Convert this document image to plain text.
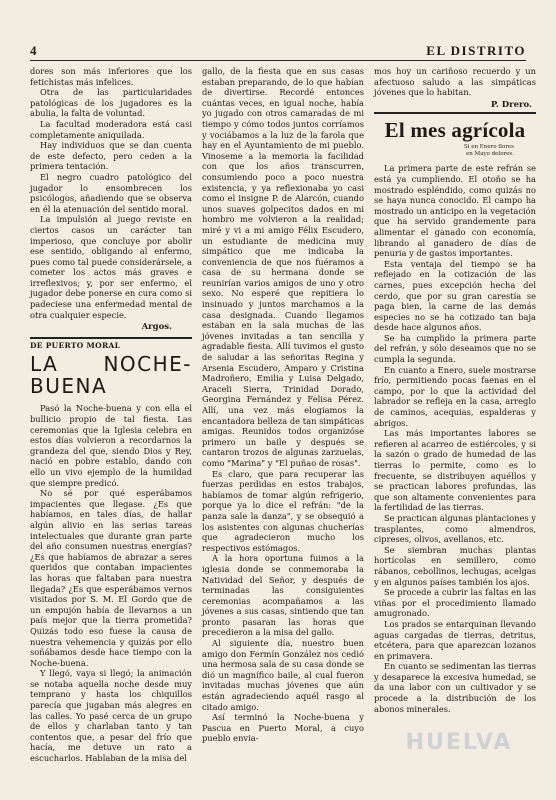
4	EL DISTRITO

dores son más inferiores que los fetichistas más infelices.

Otra de las particularidades patológicas de los jugadores es la abulia, la falta de voluntad.

La facultad moderadora está casi completamente aniquilada.

Hay individuos que se dan cuenta de este defecto, pero ceden a la primera tentación.

El negro cuadro patológico del jugador lo ensombrecen los psicólogos, añadiendo que se observa en él la atenuación del sentido moral.

La impulsión al juego reviste en ciertos casos un carácter tan imperioso, que concluye por abolir ese sentido, obligando al enfermo, pues como tal puede considerársele, a cometer los actos más graves e irreflexivos; y, por ser enfermo, el jugador debe ponerse en cura como si padeciese una enfermedad mental de otra cualquier especie.

Argos.
DE PUERTO MORAL
LA NOCHE-BUENA

Pasó la Noche-buena y con ella el bullicio propio de tal fiesta. Las ceremonias que la Iglesia celebra en estos días volvieron a recordarnos la grandeza del que, siendo Dios y Rey, nació en pobre establo, dando con ello un vivo ejemplo de la humildad que siempre predicó.

No sé por qué esperábamos impacientes que llegase. ¿Es que habíamos, en tales días, de hallar algún alivio en las serias tareas intelectuales que durante gran parte del año consumen nuestras energías? ¿Es que habíamos de abrazar a seres queridos que contaban impacientes las horas que faltaban para nuestra llegada? ¿Es que esperábamos vernos visitados por S. M. El Gordo que de un empujón había de llevarnos a un país mejor que la tierra prometida? Quizás todo eso fuese la causa de nuestra vehemencia y quizás por ello soñábamos desde hace tiempo con la Noche-buena.

Y llegó, vaya si llegó; la animación se notaba aquella noche desde muy temprano y hasta los chiquillos parecía que jugaban más alegres en las calles. Yo pasé cerca de un grupo de ellos y charlaban tanto y tan contentos que, a pesar del frío que hacía, me detuve un rato a escucharlos. Hablaban de la misa del

gallo, de la fiesta que en sus casas estaban preparando, de lo que habían de divertirse. Recordé entonces cuántas veces, en igual noche, había yo jugado con otros camaradas de mi tiempo y cómo todos juntos corríamos y vociábamos a la luz de la farola que hay en el Ayuntamiento de mi pueblo. Vinoseme a la memoria la facilidad con que los años transcurren, consumiendo poco a poco nuestra existencia, y ya reflexionaba yo casi como el insigne P. de Alarcón, cuando unos suaves golpecitos dados en mi hombro me volvieron a la realidad; miré y vi a mi amigo Félix Escudero, un estudiante de medicina muy simpático que me indicaba la conveniencia de que nos fuéramos a casa de su hermana donde se reunirían varios amigos de uno y otro sexo. No esperé que repitiera lo insinuado y juntos marchamos a la casa designada. Cuando llegamos estaban en la sala muchas de las jóvenes invitadas a tan sencilla y agradable fiesta. Allí tuvimos el gusto de saludar a las señoritas Regina y Arsenia Escudero, Amparo y Cristina Madroñero, Emilia y Luisa Delgado, Araceli Sierra, Trinidad Dorado, Georgina Fernández y Felisa Pérez. Allí, una vez más elogiamos la encantadora belleza de tan simpáticas amigas. Reunidos todos organizóse primero un baile y después se cantaron trozos de algunas zarzuelas, como "Marina" y "El puñao de rosas".

Es claro, que para recuperar las fuerzas perdidas en estos trabajos, habíamos de tomar algún refrigerio, porque ya lo dice el refrán: "de la panza sale la danza", y se obsequió a los asistentes con algunas chucherías que agradecieron mucho los respectivos estómagos.

A la hora oportuna fuimos a la iglesia donde se conmemoraba la Natividad del Señor, y después de terminadas las consiguientes ceremonias acompañamos a las jóvenes a sus casas, sintiendo que tan pronto pasaran las horas que precedieron a la misa del gallo.

Al siguiente día, nuestro buen amigo don Fermín González nos cedió una hermosa sala de su casa donde se dió un magnífico baile, al cual fueron invitadas muchas jóvenes que aún están agradeciendo aquél rasgo al citado amigo.

Así terminó la Noche-buena y Pascua en Puerto Moral, a cuyo pueblo envia-

mos hoy un cariñoso recuerdo y un afectuoso saludo a las simpáticas jóvenes que lo habitan.

P. Drero.
El mes agrícola
Si en Enero flores
en Mayo dolores.

La primera parte de este refrán se está ya cumpliendo. El otoño se ha mostrado espléndido, como quizás no se haya nunca conocido. El campo ha mostrado un anticipo en la vegetación que ha servido grandemente para alimentar el ganado con economía, librando al ganadero de días de penuria y de gastos importantes.

Esta ventaja del tiempo se ha reflejado en la cotización de las carnes, pues excepción hecha del cerdo, que por su gran carestía se paga bien, la carne de las demás especies no se ha cotizado tan baja desde hace algunos años.

Se ha cumplido la primera parte del refrán, y sólo deseamos que no se cumpla la segunda.

En cuanto a Enero, suele mostrarse frío, permitiendo pocas faenas en el campo, por lo que la actividad del labrador se refleja en la casa, arreglo de caminos, acequias, espalderas y abrigos.

Las más importantes labores se refieren al acarreo de estiércoles, y si la sazón o grado de humedad de las tierras lo permite, como es lo frecuente, se distribuyen aquéllos y se practican labores profundas, las que son altamente convenientes para la fertilidad de las tierras.

Se practican algunas plantaciones y trasplantes, como almendros, cipreses, olivos, avellanos, etc.

Se siembran muchas plantas hortícolas en semillero, como rábanos, cebollinos, lechugas, acelgas y en algunos países también los ajos.

Se procede a cubrir las faltas en las viñas por el procedimiento llamado amugronado.

Los prados se entarquinan llevando aguas cargadas de tierras, detritus, etcétera, para que aparezcan lozanos en primavera.

En cuanto se sedimentan las tierras y desaparece la excesiva humedad, se da una labor con un cultivador y se procede a la distribución de los abonos minerales.

HUELVA
